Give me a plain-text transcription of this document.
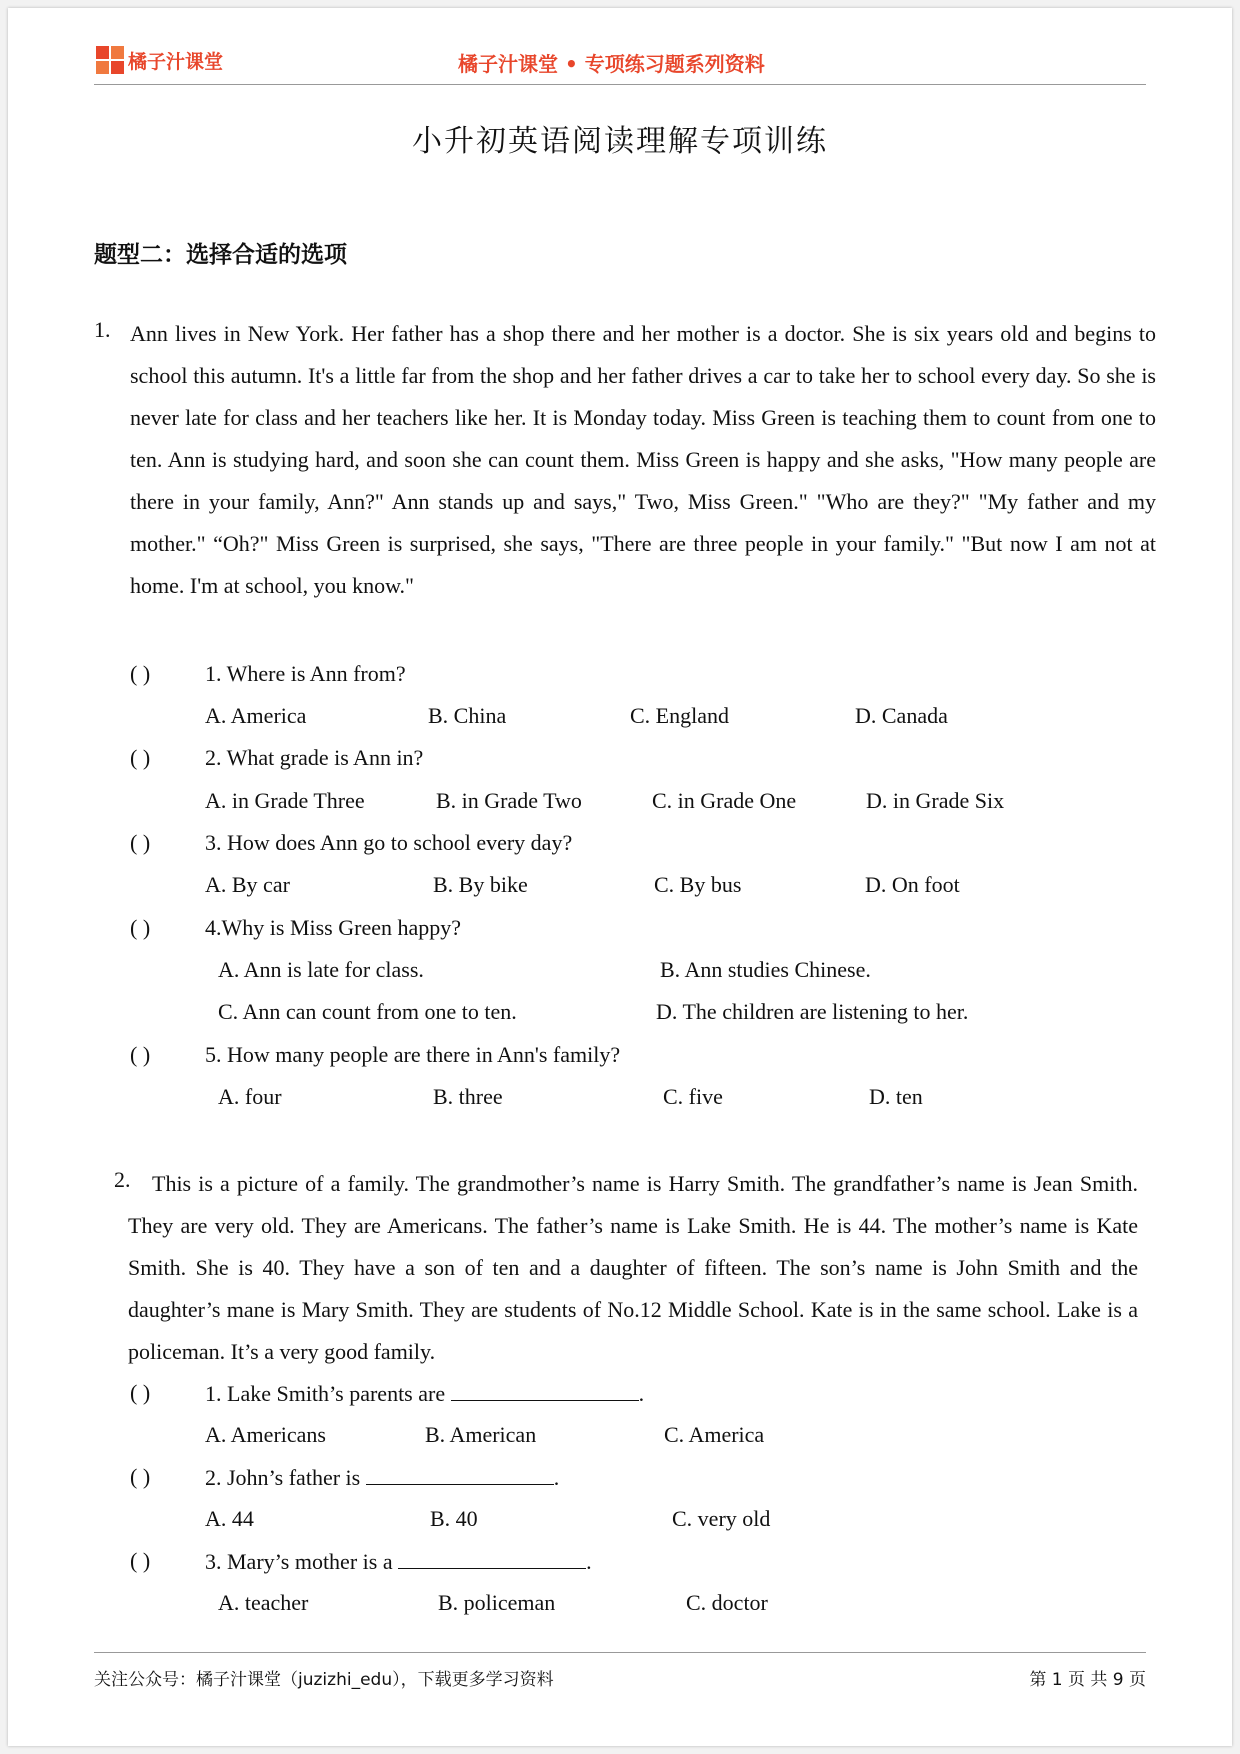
橘子汁课堂	橘子汁课堂 • 专项练习题系列资料
小升初英语阅读理解专项训练
题型二：选择合适的选项
1. Ann lives in New York. Her father has a shop there and her mother is a doctor. She is six years old and begins to school this autumn. It's a little far from the shop and her father drives a car to take her to school every day. So she is never late for class and her teachers like her. It is Monday today. Miss Green is teaching them to count from one to ten. Ann is studying hard, and soon she can count them. Miss Green is happy and she asks, "How many people are there in your family, Ann?" Ann stands up and says," Two, Miss Green." "Who are they?" "My father and my mother." “Oh?" Miss Green is surprised, she says, "There are three people in your family." "But now I am not at home. I'm at school, you know."
( ) 1. Where is Ann from?
A. America	B. China	C. England	D. Canada
( ) 2. What grade is Ann in?
A. in Grade Three	B. in Grade Two	C. in Grade One	D. in Grade Six
( ) 3. How does Ann go to school every day?
A. By car	B. By bike	C. By bus	D. On foot
( ) 4.Why is Miss Green happy?
A. Ann is late for class.	B. Ann studies Chinese.
C. Ann can count from one to ten.	D. The children are listening to her.
( ) 5. How many people are there in Ann's family?
A. four	B. three	C. five	D. ten
2. This is a picture of a family. The grandmother’s name is Harry Smith. The grandfather’s name is Jean Smith. They are very old. They are Americans. The father’s name is Lake Smith. He is 44. The mother’s name is Kate Smith. She is 40. They have a son of ten and a daughter of fifteen. The son’s name is John Smith and the daughter’s mane is Mary Smith. They are students of No.12 Middle School. Kate is in the same school. Lake is a policeman. It’s a very good family.
( ) 1. Lake Smith’s parents are	.
A. Americans	B. American	C. America
( ) 2. John’s father is	.
A. 44	B. 40	C. very old
( ) 3. Mary’s mother is a	.
A. teacher	B. policeman	C. doctor
关注公众号：橘子汁课堂（juzizhi_edu），下载更多学习资料	第 1 页 共 9 页
